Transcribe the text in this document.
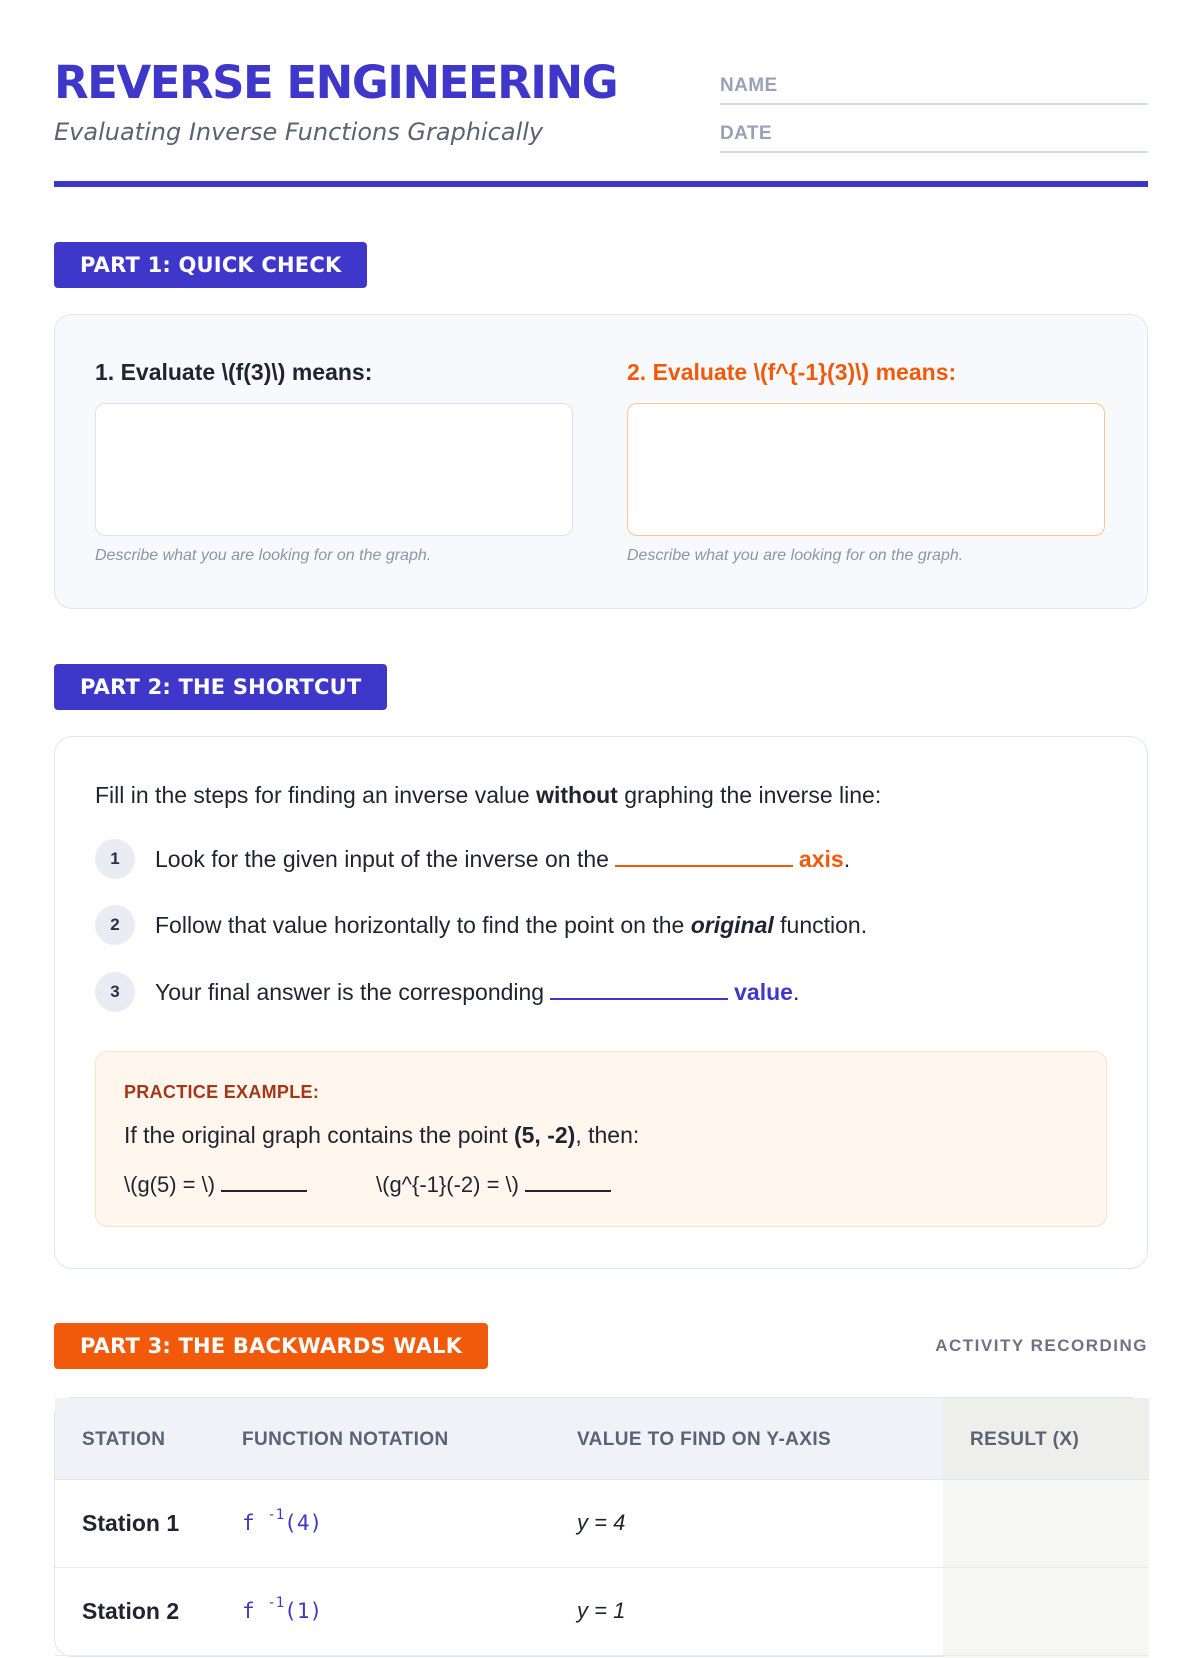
REVERSE ENGINEERING
Evaluating Inverse Functions Graphically
NAME
DATE
PART 1: QUICK CHECK
1. Evaluate \(f(3)\) means:	2. Evaluate \(f^{-1}(3)\) means:
Describe what you are looking for on the graph.	Describe what you are looking for on the graph.
PART 2: THE SHORTCUT
Fill in the steps for finding an inverse value without graphing the inverse line:
1	Look for the given input of the inverse on the	axis.
2	Follow that value horizontally to find the point on the original function.
3	Your final answer is the corresponding	value.
PRACTICE EXAMPLE:
If the original graph contains the point (5, -2), then:
\(g(5) = \)	\(g^{-1}(-2) = \)
PART 3: THE BACKWARDS WALK	ACTIVITY RECORDING
STATION	FUNCTION NOTATION	VALUE TO FIND ON Y-AXIS	RESULT (X)
Station 1	f $^{-1}$(4)	y = 4
Station 2	f $^{-1}$(1)	y = 1
